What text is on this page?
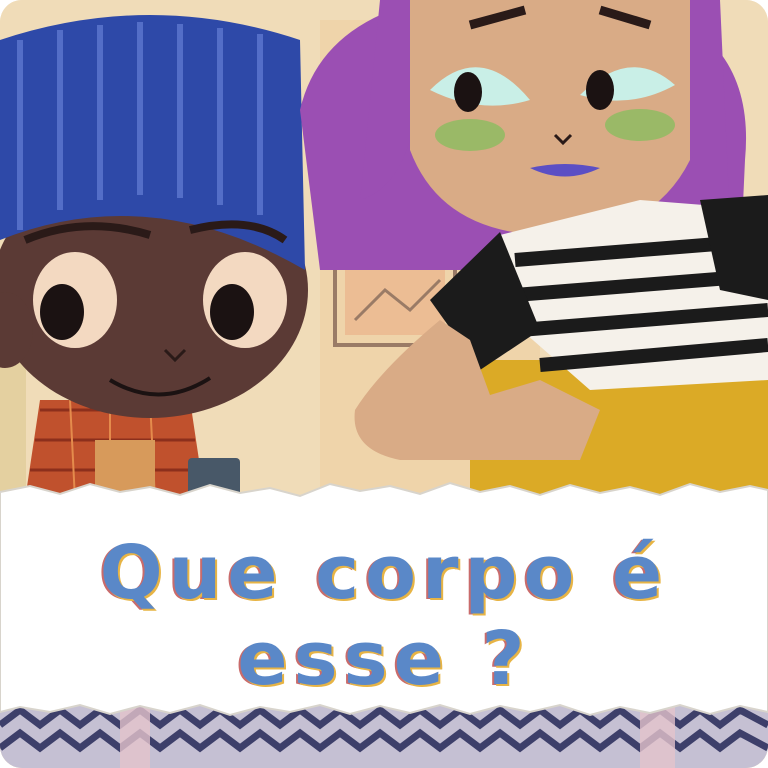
Que corpo é esse ?
